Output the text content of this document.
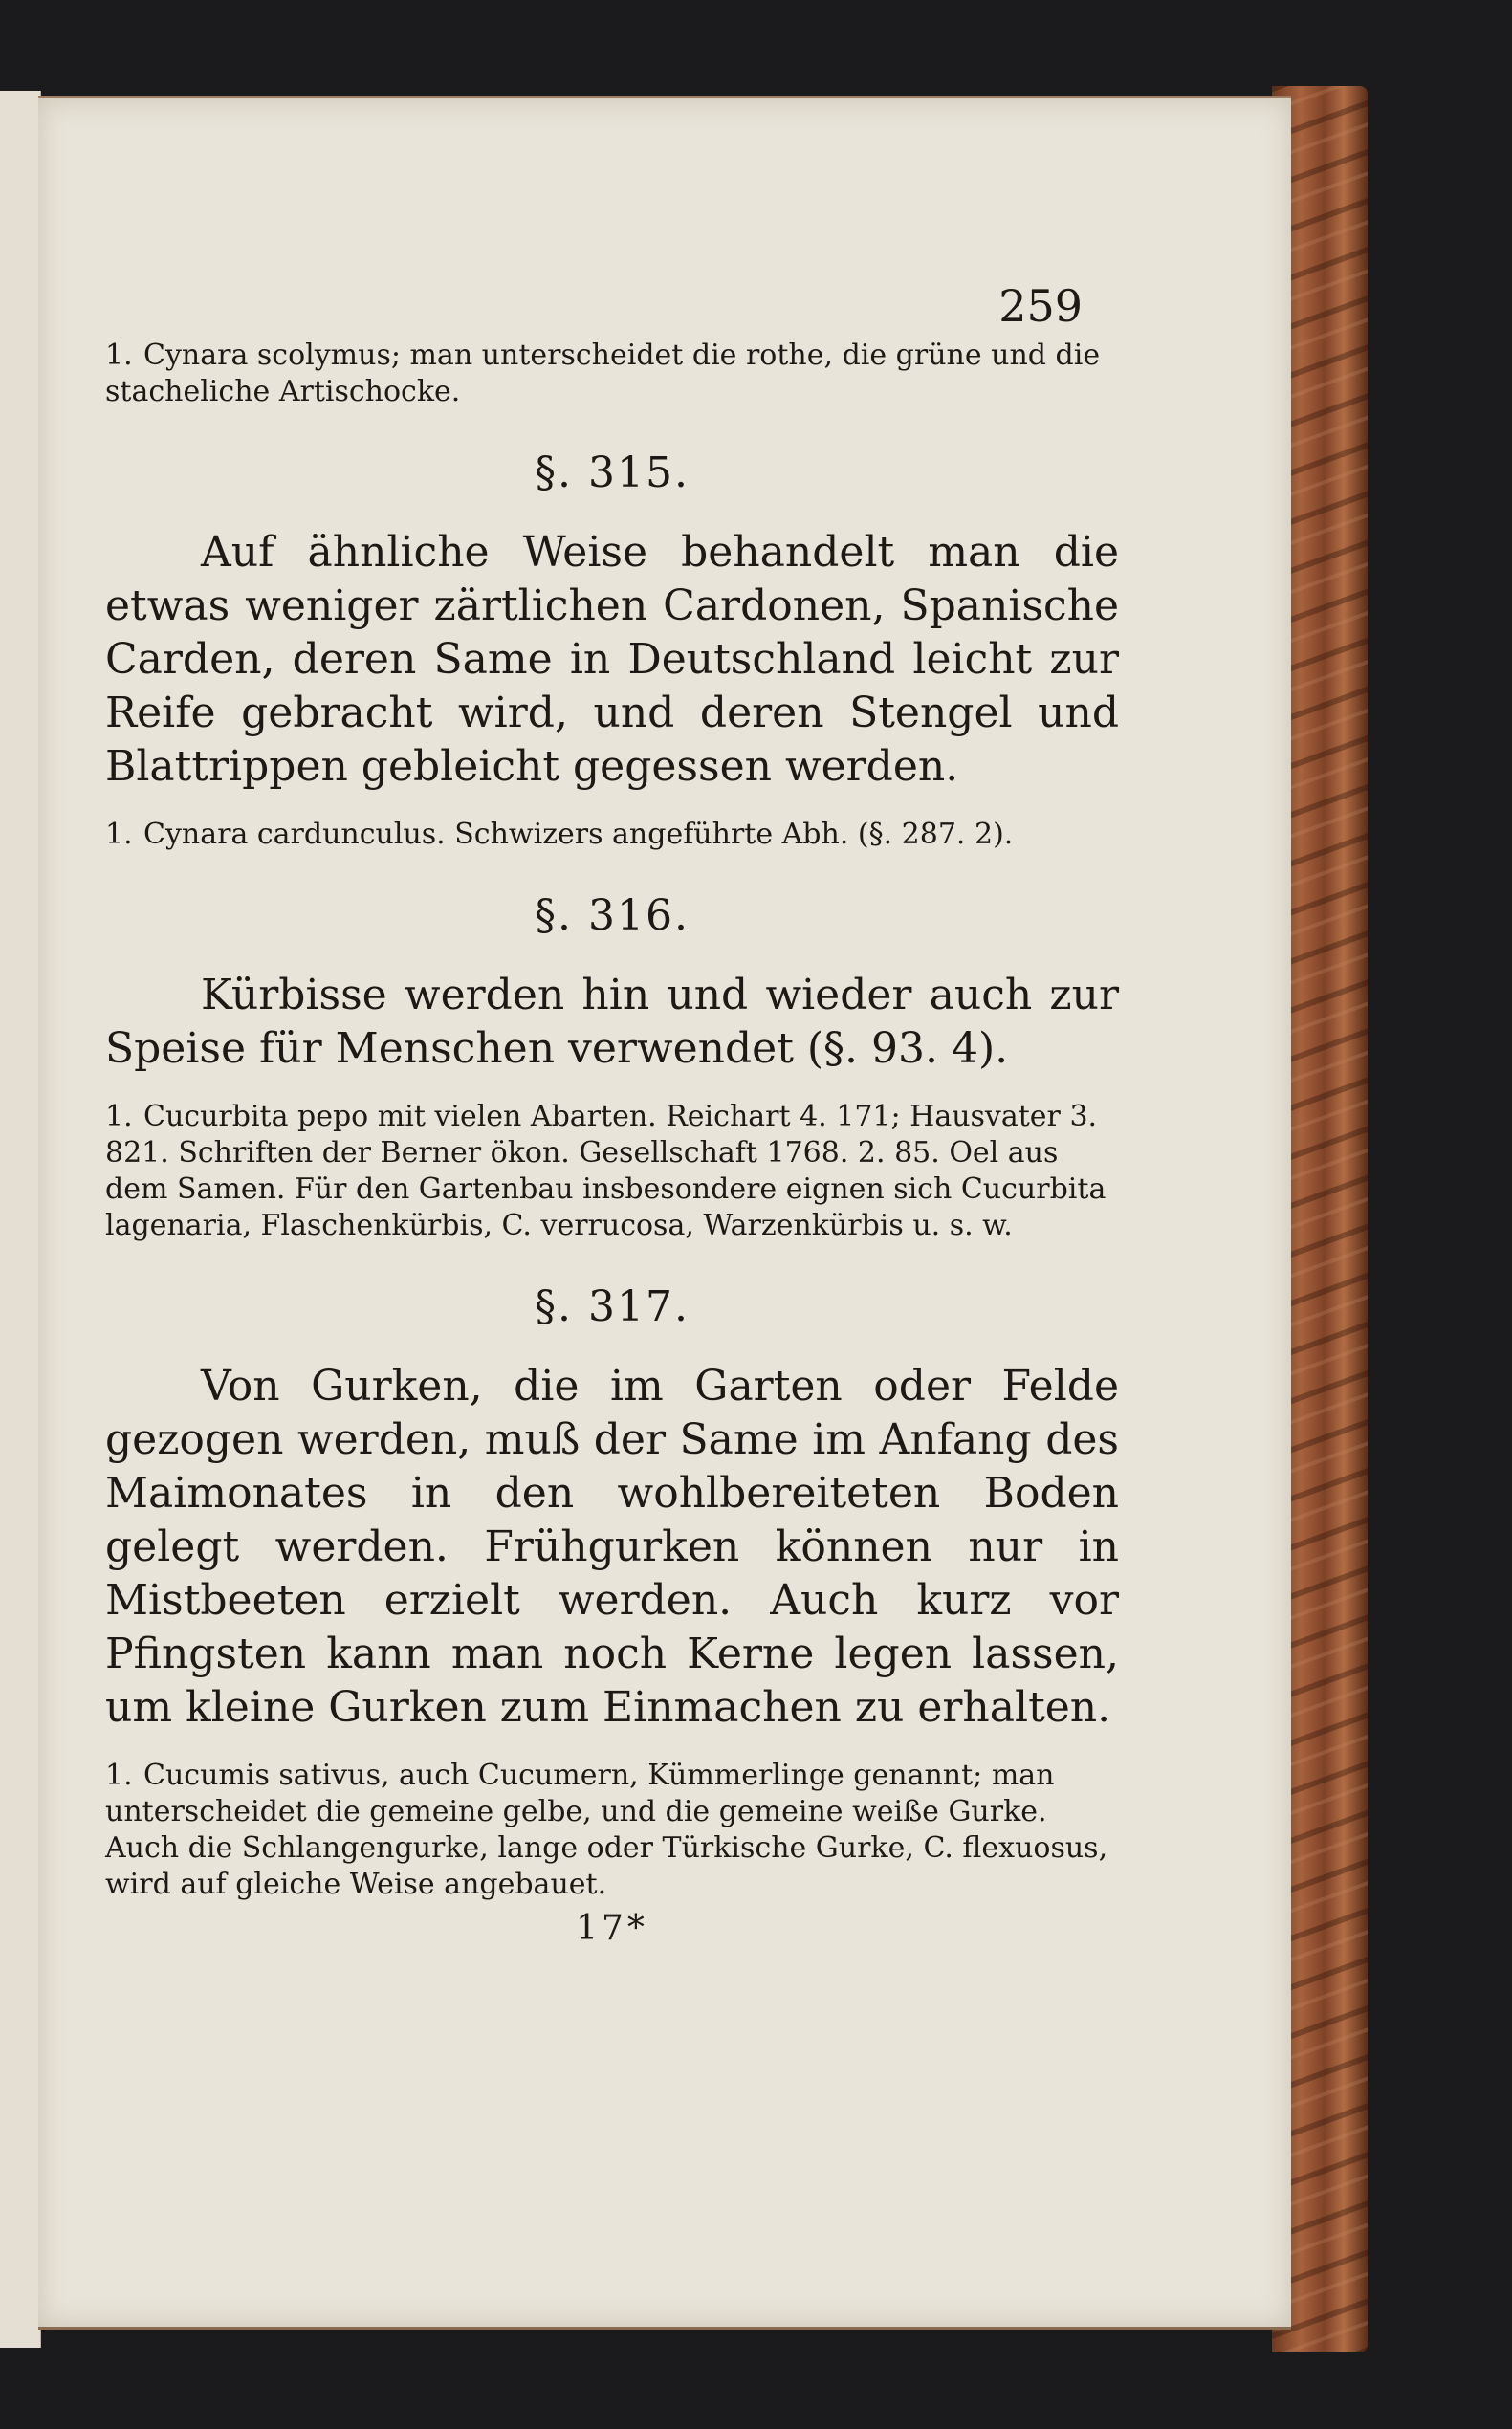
259

1. Cynara scolymus; man unterscheidet die rothe, die grüne und die stacheliche Artischocke.

§. 315.

Auf ähnliche Weise behandelt man die etwas weniger zärtlichen Cardonen, Spanische Carden, deren Same in Deutschland leicht zur Reife gebracht wird, und deren Stengel und Blattrippen gebleicht gegessen werden.

1. Cynara cardunculus. Schwizers angeführte Abh. (§. 287. 2).

§. 316.

Kürbisse werden hin und wieder auch zur Speise für Menschen verwendet (§. 93. 4).

1. Cucurbita pepo mit vielen Abarten. Reichart 4. 171; Hausvater 3. 821. Schriften der Berner ökon. Gesellschaft 1768. 2. 85. Oel aus dem Samen. Für den Gartenbau insbesondere eignen sich Cucurbita lagenaria, Flaschenkürbis, C. verrucosa, Warzenkürbis u. s. w.

§. 317.

Von Gurken, die im Garten oder Felde gezogen werden, muß der Same im Anfang des Maimonates in den wohlbereiteten Boden gelegt werden. Frühgurken können nur in Mistbeeten erzielt werden. Auch kurz vor Pfingsten kann man noch Kerne legen lassen, um kleine Gurken zum Einmachen zu erhalten.

1. Cucumis sativus, auch Cucumern, Kümmerlinge genannt; man unterscheidet die gemeine gelbe, und die gemeine weiße Gurke. Auch die Schlangengurke, lange oder Türkische Gurke, C. flexuosus, wird auf gleiche Weise angebauet.

17*
